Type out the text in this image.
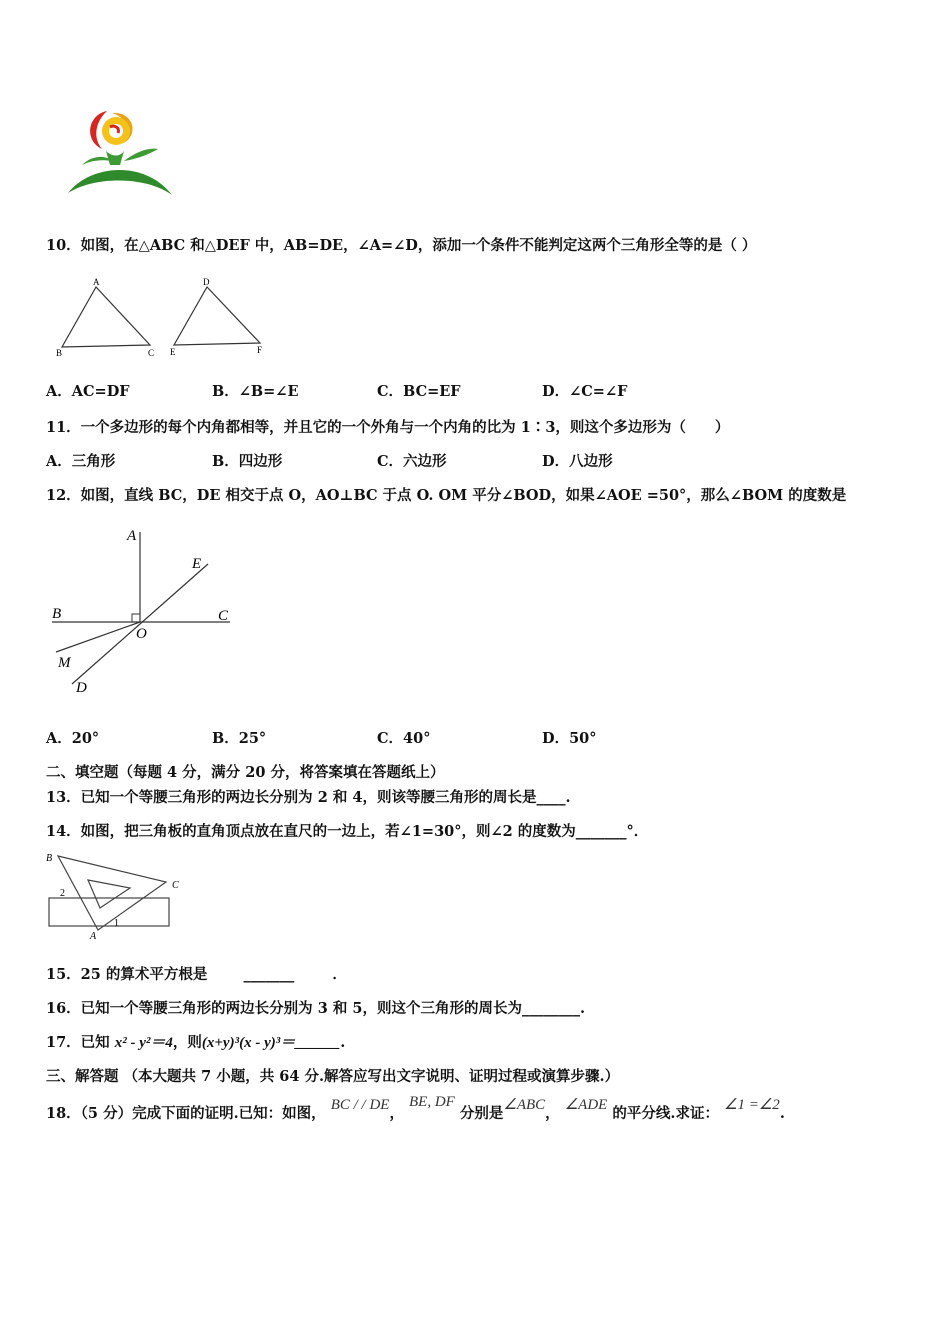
10．如图，在△ABC 和△DEF 中，AB=DE，∠A=∠D，添加一个条件不能判定这两个三角形全等的是（ ）
A
B	C
D
E	F
A．AC=DF	B．∠B=∠E	C．BC=EF	D．∠C=∠F
11．一个多边形的每个内角都相等，并且它的一个外角与一个内角的比为 1∶3，则这个多边形为（　　）
A．三角形	B．四边形	C．六边形	D．八边形
12．如图，直线 BC，DE 相交于点 O，AO⊥BC 于点 O. OM 平分∠BOD，如果∠AOE =50°，那么∠BOM 的度数是
A
E
B	C
O
M
D
A．20°	B．25°	C．40°	D．50°
二、填空题（每题 4 分，满分 20 分，将答案填在答题纸上）
13．已知一个等腰三角形的两边长分别为 2 和 4，则该等腰三角形的周长是____.
14．如图，把三角板的直角顶点放在直尺的一边上，若∠1=30°，则∠2 的度数为_______°．
B
C
A
2
1
15．25 的算术平方根是 _______	．
16．已知一个等腰三角形的两边长分别为 3 和 5，则这个三角形的周长为________.
17．已知 x² - y²＝4，则(x+y)³(x - y)³＝______.
三、解答题 （本大题共 7 小题，共 64 分.解答应写出文字说明、证明过程或演算步骤.）
18．（5 分）完成下面的证明.已知：如图， BC / / DE， BE, DF 分别是∠ABC， ∠ADE 的平分线.求证： ∠1 =∠2.
